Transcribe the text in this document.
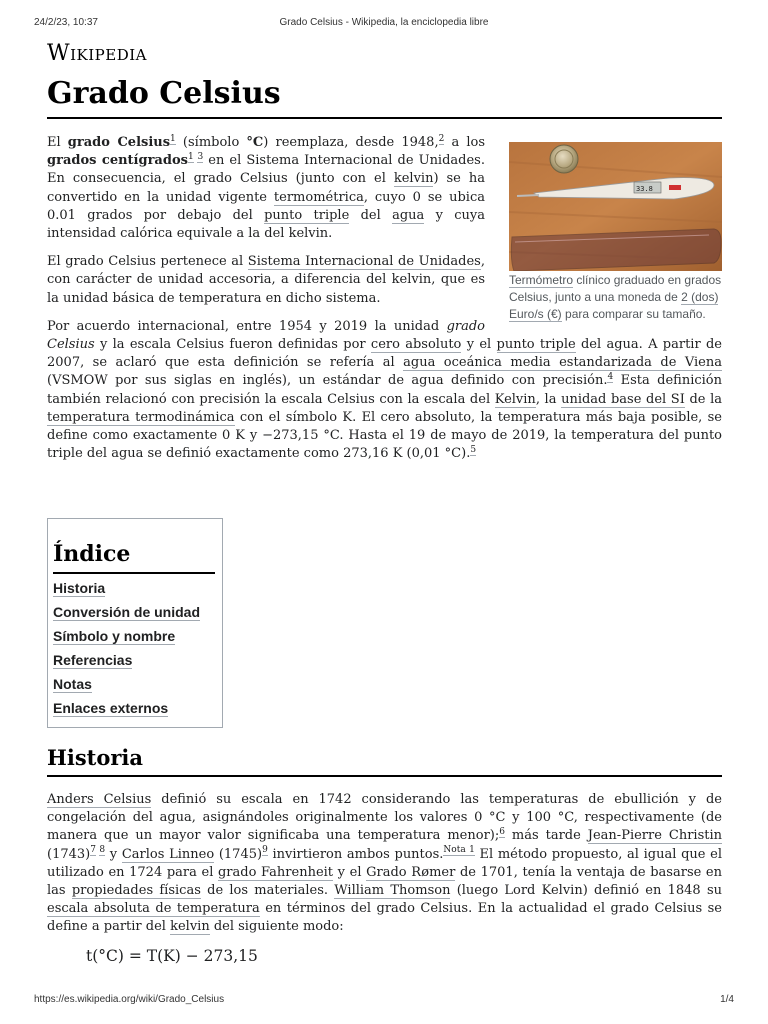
24/2/23, 10:37	Grado Celsius - Wikipedia, la enciclopedia libre
Wikipedia
Grado Celsius
33.8
Termómetro clínico graduado en grados Celsius, junto a una moneda de 2 (dos) Euro/s (€) para comparar su tamaño.

El grado Celsius$^1$ (símbolo °C) reemplaza, desde 1948,$^2$ a los grados centígrados$^1$ $^3$ en el Sistema Internacional de Unidades. En consecuencia, el grado Celsius (junto con el kelvin) se ha convertido en la unidad vigente termométrica, cuyo 0 se ubica 0.01 grados por debajo del punto triple del agua y cuya intensidad calórica equivale a la del kelvin.

El grado Celsius pertenece al Sistema Internacional de Unidades, con carácter de unidad accesoria, a diferencia del kelvin, que es la unidad básica de temperatura en dicho sistema.

Por acuerdo internacional, entre 1954 y 2019 la unidad grado Celsius y la escala Celsius fueron definidas por cero absoluto y el punto triple del agua. A partir de 2007, se aclaró que esta definición se refería al agua oceánica media estandarizada de Viena (VSMOW por sus siglas en inglés), un estándar de agua definido con precisión.$^4$ Esta definición también relacionó con precisión la escala Celsius con la escala del Kelvin, la unidad base del SI de la temperatura termodinámica con el símbolo K. El cero absoluto, la temperatura más baja posible, se define como exactamente 0 K y −273,15 °C. Hasta el 19 de mayo de 2019, la temperatura del punto triple del agua se definió exactamente como 273,16 K (0,01 °C).$^5$

Índice
Historia
Conversión de unidad
Símbolo y nombre
Referencias
Notas
Enlaces externos
Historia

Anders Celsius definió su escala en 1742 considerando las temperaturas de ebullición y de congelación del agua, asignándoles originalmente los valores 0 °C y 100 °C, respectivamente (de manera que un mayor valor significaba una temperatura menor);$^6$ más tarde Jean-Pierre Christin $(1743)^7$ $^8$ y Carlos Linneo $(1745)^9$ invirtieron ambos puntos.$^{Nota 1}$ El método propuesto, al igual que el utilizado en 1724 para el grado Fahrenheit y el Grado Rømer de 1701, tenía la ventaja de basarse en las propiedades físicas de los materiales. William Thomson (luego Lord Kelvin) definió en 1848 su escala absoluta de temperatura en términos del grado Celsius. En la actualidad el grado Celsius se define a partir del kelvin del siguiente modo:

t(°C) = T(K) − 273,15
https://es.wikipedia.org/wiki/Grado_Celsius	1/4
